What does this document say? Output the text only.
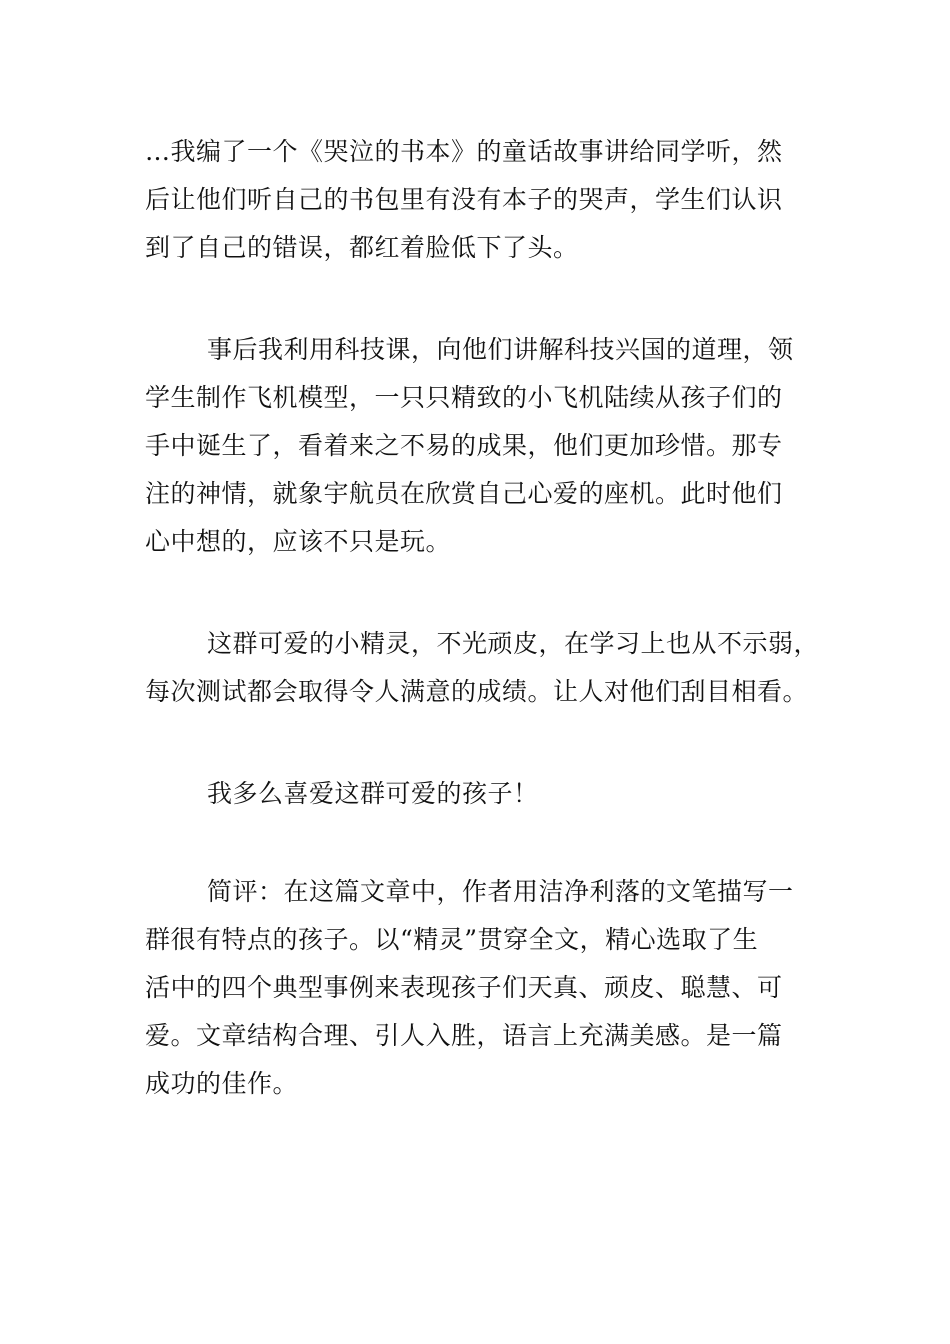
…我编了一个《哭泣的书本》的童话故事讲给同学听，然
后让他们听自己的书包里有没有本子的哭声，学生们认识
到了自己的错误，都红着脸低下了头。
事后我利用科技课，向他们讲解科技兴国的道理，领
学生制作飞机模型，一只只精致的小飞机陆续从孩子们的
手中诞生了，看着来之不易的成果，他们更加珍惜。那专
注的神情，就象宇航员在欣赏自己心爱的座机。此时他们
心中想的，应该不只是玩。
这群可爱的小精灵，不光顽皮，在学习上也从不示弱，
每次测试都会取得令人满意的成绩。让人对他们刮目相看。
我多么喜爱这群可爱的孩子！
简评：在这篇文章中，作者用洁净利落的文笔描写一
群很有特点的孩子。以“精灵”贯穿全文，精心选取了生
活中的四个典型事例来表现孩子们天真、顽皮、聪慧、可
爱。文章结构合理、引人入胜，语言上充满美感。是一篇
成功的佳作。
